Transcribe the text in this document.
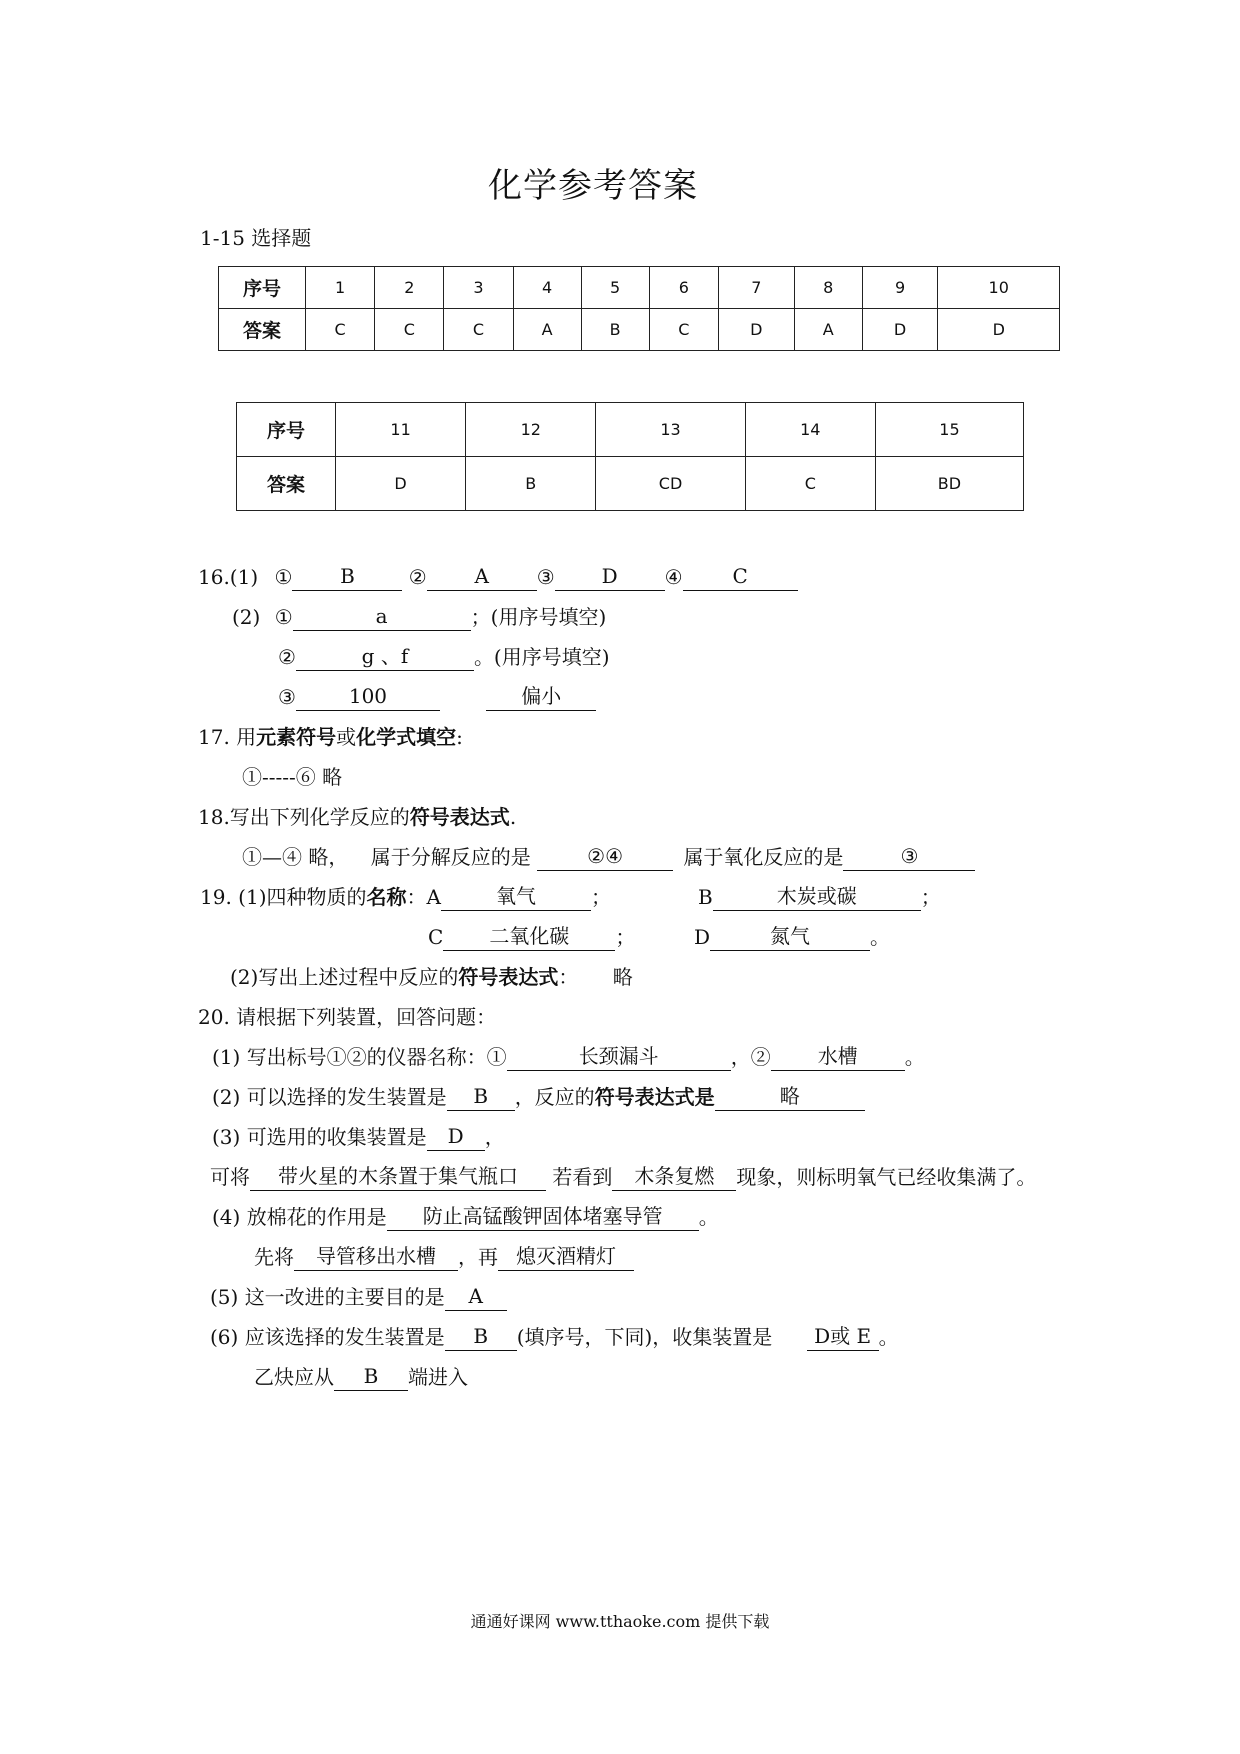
化学参考答案
1-15 选择题
序号	1	2	3	4	5	6	7	8	9	10
答案	C	C	C	A	B	C	D	A	D	D
序号	11	12	13	14	15
答案	D	B	CD	C	BD
16.(1) ① B	② A ③ D ④ C
(2) ①	a	；(用序号填空)
②	g 、f	。(用序号填空)
③	100	偏小
17. 用元素符号或化学式填空:
①-----⑥ 略
18.写出下列化学反应的符号表达式.
①—④ 略， 属于分解反应的是	②④	属于氧化反应的是	③
19. (1)四种物质的名称：A	氧气	；	B	木炭或碳	；
C 二氧化碳 ；	D	氮气	。
(2)写出上述过程中反应的符号表达式： 略
20. 请根据下列装置，回答问题：
(1) 写出标号①②的仪器名称：①	长颈漏斗	，② 水槽 。
(2) 可以选择的发生装置是 B ，反应的符号表达式是	略
(3) 可选用的收集装置是 D ，
可将 带火星的木条置于集气瓶口 若看到 木条复燃 现象，则标明氧气已经收集满了。
(4) 放棉花的作用是 防止高锰酸钾固体堵塞导管 。
先将 导管移出水槽 ，再 熄灭酒精灯
(5) 这一改进的主要目的是 A
(6) 应该选择的发生装置是 B (填序号，下同)，收集装置是 D或 E 。
乙炔应从 B 端进入
通通好课网 www.tthaoke.com 提供下载
